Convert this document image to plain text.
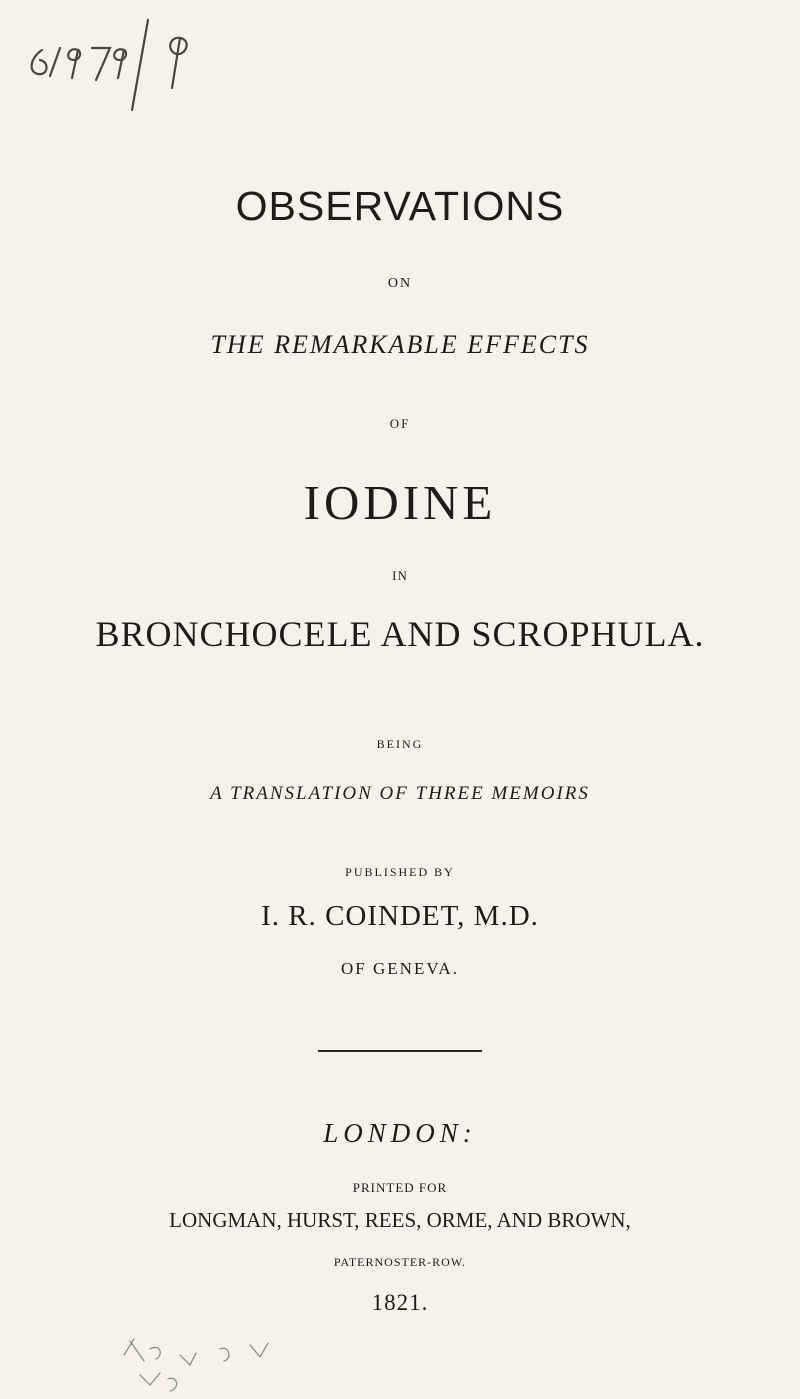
OBSERVATIONS
ON
THE REMARKABLE EFFECTS
OF
IODINE
IN
BRONCHOCELE AND SCROPHULA.
BEING
A TRANSLATION OF THREE MEMOIRS
PUBLISHED BY
I. R. COINDET, M.D.
OF GENEVA.
LONDON:
PRINTED FOR
LONGMAN, HURST, REES, ORME, AND BROWN,
PATERNOSTER-ROW.
1821.
